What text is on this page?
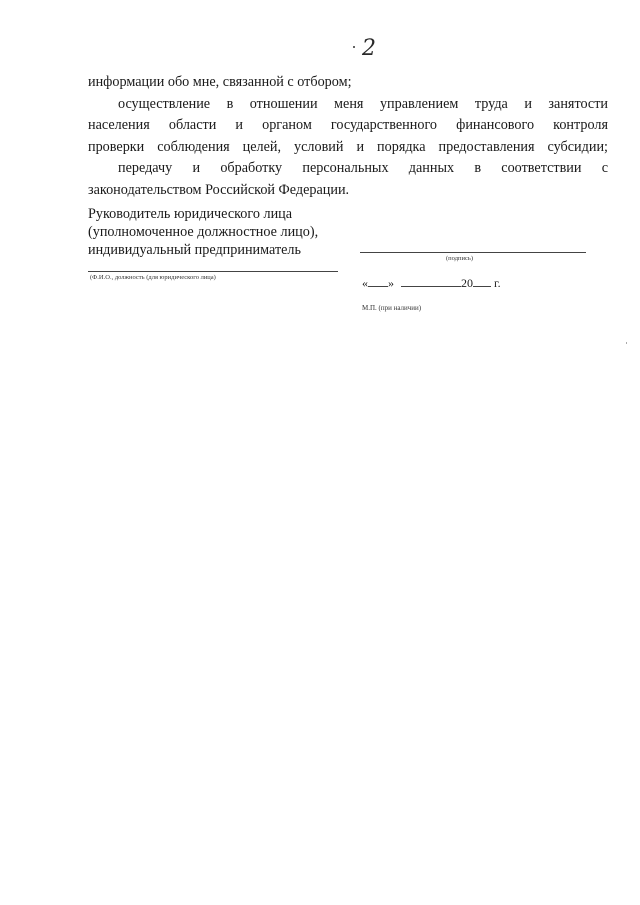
2
информации обо мне, связанной с отбором;
осуществление в отношении меня управлением труда и занятости
населения области и органом государственного финансового контроля
проверки соблюдения целей, условий и порядка предоставления субсидии;
передачу и обработку персональных данных в соответствии с
законодательством Российской Федерации.
Руководитель юридического лица
(уполномоченное должностное лицо),
индивидуальный предприниматель
(подпись)
(Ф.И.О., должность (для юридического лица)	« »	20 г.
М.П. (при наличии)
